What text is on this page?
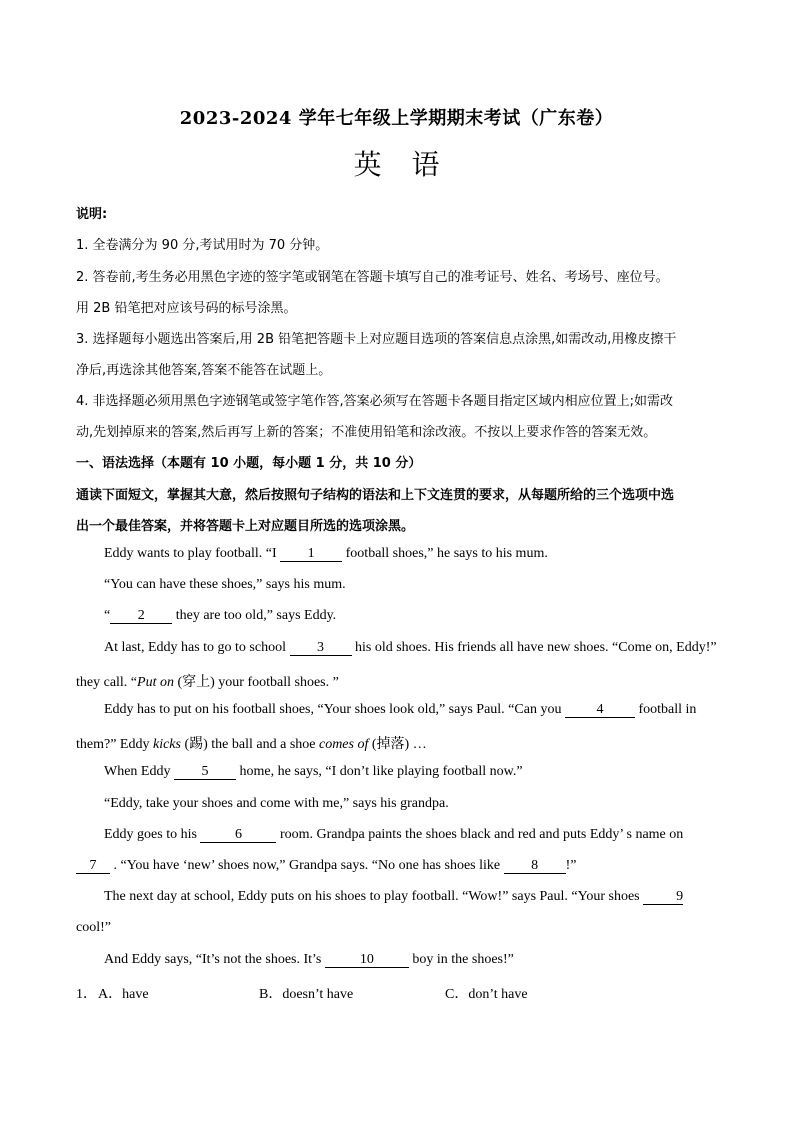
2023-2024 学年七年级上学期期末考试（广东卷）
英语
说明:
1. 全卷满分为 90 分,考试用时为 70 分钟。
2. 答卷前,考生务必用黑色字迹的签字笔或钢笔在答题卡填写自己的准考证号、姓名、考场号、座位号。
用 2B 铅笔把对应该号码的标号涂黑。
3. 选择题每小题选出答案后,用 2B 铅笔把答题卡上对应题目选项的答案信息点涂黑,如需改动,用橡皮擦干
净后,再选涂其他答案,答案不能答在试题上。
4. 非选择题必须用黑色字迹钢笔或签字笔作答,答案必须写在答题卡各题目指定区域内相应位置上;如需改
动,先划掉原来的答案,然后再写上新的答案；不准使用铅笔和涂改液。不按以上要求作答的答案无效。
一、语法选择（本题有 10 小题，每小题 1 分，共 10 分）
通读下面短文，掌握其大意，然后按照句子结构的语法和上下文连贯的要求，从每题所给的三个选项中选
出一个最佳答案，并将答题卡上对应题目所选的选项涂黑。
Eddy wants to play football. “I 1 football shoes,” he says to his mum.
“You can have these shoes,” says his mum.
“ 2 they are too old,” says Eddy.
At last, Eddy has to go to school 3 his old shoes. His friends all have new shoes. “Come on, Eddy!”
they call. “Put on (穿上) your football shoes. ”
Eddy has to put on his football shoes, “Your shoes look old,” says Paul. “Can you 4 football in
them?” Eddy kicks (踢) the ball and a shoe comes of (掉落) …
When Eddy 5 home, he says, “I don’t like playing football now.”
“Eddy, take your shoes and come with me,” says his grandpa.
Eddy goes to his 6 room. Grandpa paints the shoes black and red and puts Eddy’ s name on
7 . “You have ‘new’ shoes now,” Grandpa says. “No one has shoes like 8 !”
The next day at school, Eddy puts on his shoes to play football. “Wow!” says Paul. “Your shoes 9
cool!”
And Eddy says, “It’s not the shoes. It’s	10	boy in the shoes!”
1． A．have	B．doesn’t have	C．don’t have
